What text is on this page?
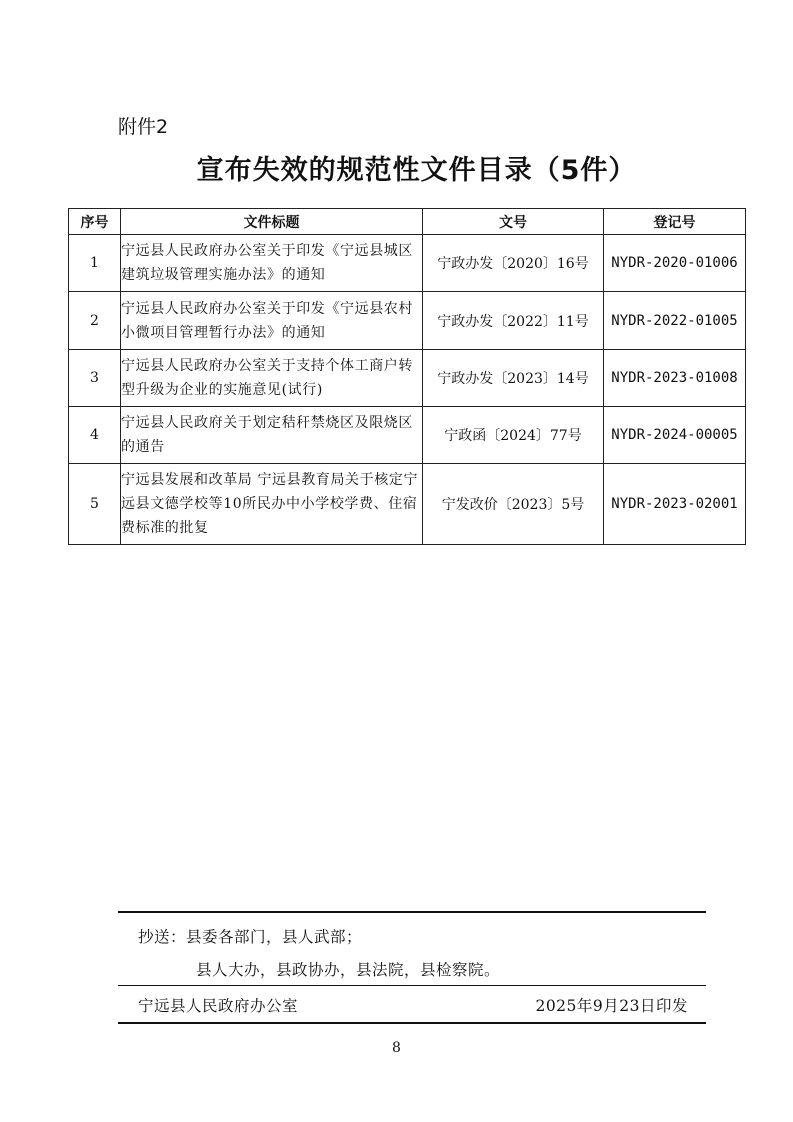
附件2
宣布失效的规范性文件目录（5件）
序号	文件标题	文号	登记号
1	宁远县人民政府办公室关于印发《宁远县城区建筑垃圾管理实施办法》的通知	宁政办发〔2020〕16号	NYDR-2020-01006
2	宁远县人民政府办公室关于印发《宁远县农村小微项目管理暂行办法》的通知	宁政办发〔2022〕11号	NYDR-2022-01005
3	宁远县人民政府办公室关于支持个体工商户转型升级为企业的实施意见(试行)	宁政办发〔2023〕14号	NYDR-2023-01008
4	宁远县人民政府关于划定秸秆禁烧区及限烧区的通告	宁政函〔2024〕77号	NYDR-2024-00005
5	宁远县发展和改革局 宁远县教育局关于核定宁远县文德学校等10所民办中小学校学费、住宿费标准的批复	宁发改价〔2023〕5号	NYDR-2023-02001
抄送：县委各部门，县人武部；
县人大办，县政协办，县法院，县检察院。
宁远县人民政府办公室	2025年9月23日印发
8
